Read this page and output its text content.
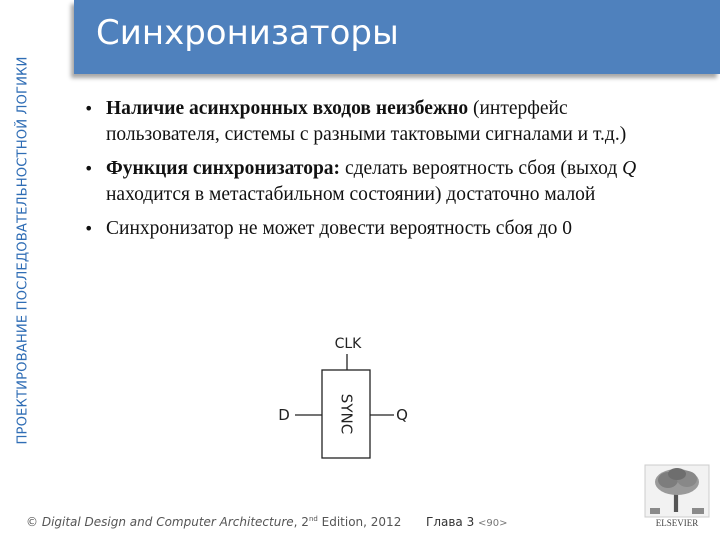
ПРОЕКТИРОВАНИЕ ПОСЛЕДОВАТЕЛЬНОСТНОЙ ЛОГИКИ
Синхронизаторы
• Наличие асинхронных входов неизбежно (интерфейс пользователя, системы с разными тактовыми сигналами и т.д.)
• Функция синхронизатора: сделать вероятность сбоя (выход Q находится в метастабильном состоянии) достаточно малой
• Синхронизатор не может довести вероятность сбоя до 0
CLK
SYNC
D	Q
ELSEVIER
© Digital Design and Computer Architecture, 2nd Edition, 2012 Глава 3 <90>
